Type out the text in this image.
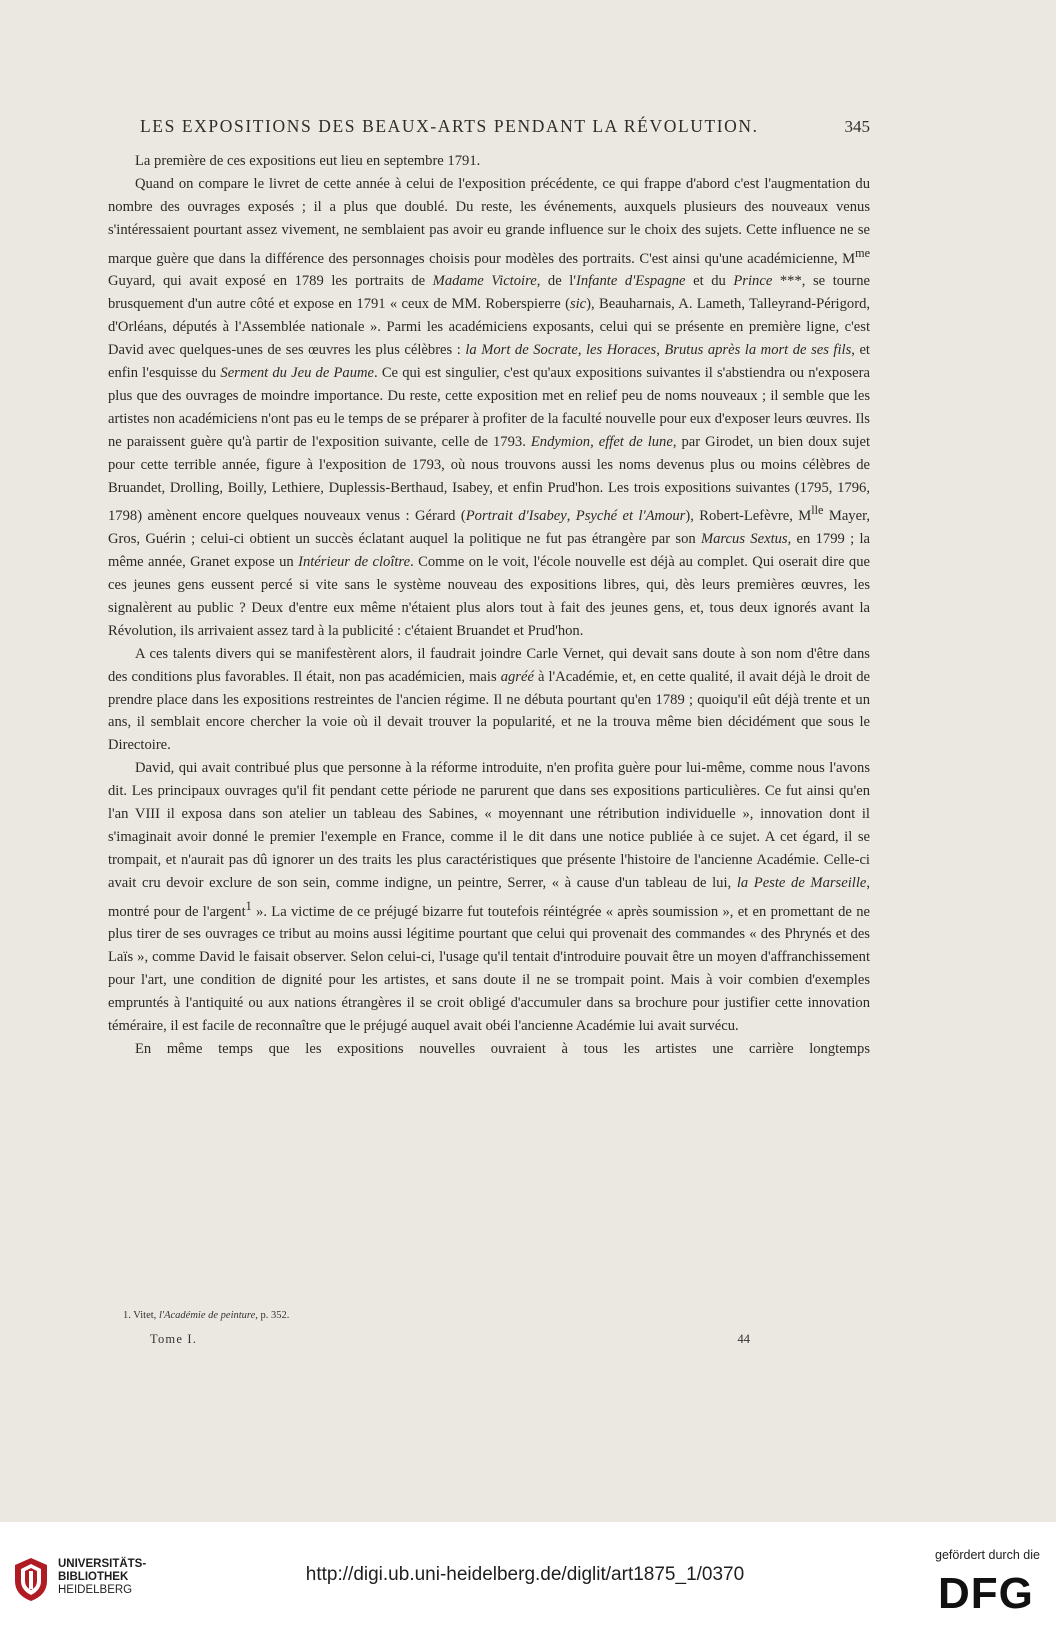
LES EXPOSITIONS DES BEAUX-ARTS PENDANT LA RÉVOLUTION.	345

La première de ces expositions eut lieu en septembre 1791.

Quand on compare le livret de cette année à celui de l'exposition précédente, ce qui frappe d'abord c'est l'augmentation du nombre des ouvrages exposés ; il a plus que doublé. Du reste, les événements, auxquels plusieurs des nouveaux venus s'intéressaient pourtant assez vivement, ne semblaient pas avoir eu grande influence sur le choix des sujets. Cette influence ne se marque guère que dans la différence des personnages choisis pour modèles des portraits. C'est ainsi qu'une académicienne, $M^{me}$ Guyard, qui avait exposé en 1789 les portraits de Madame Victoire, de l'Infante d'Espagne et du Prince ***, se tourne brusquement d'un autre côté et expose en 1791 « ceux de MM. Roberspierre (sic), Beauharnais, A. Lameth, Talleyrand-Périgord, d'Orléans, députés à l'Assemblée nationale ». Parmi les académiciens exposants, celui qui se présente en première ligne, c'est David avec quelques-unes de ses œuvres les plus célèbres : la Mort de Socrate, les Horaces, Brutus après la mort de ses fils, et enfin l'esquisse du Serment du Jeu de Paume. Ce qui est singulier, c'est qu'aux expositions suivantes il s'abstiendra ou n'exposera plus que des ouvrages de moindre importance. Du reste, cette exposition met en relief peu de noms nouveaux ; il semble que les artistes non académiciens n'ont pas eu le temps de se préparer à profiter de la faculté nouvelle pour eux d'exposer leurs œuvres. Ils ne paraissent guère qu'à partir de l'exposition suivante, celle de 1793. Endymion, effet de lune, par Girodet, un bien doux sujet pour cette terrible année, figure à l'exposition de 1793, où nous trouvons aussi les noms devenus plus ou moins célèbres de Bruandet, Drolling, Boilly, Lethiere, Duplessis-Berthaud, Isabey, et enfin Prud'hon. Les trois expositions suivantes (1795, 1796, 1798) amènent encore quelques nouveaux venus : Gérard (Portrait d'Isabey, Psyché et l'Amour), Robert-Lefèvre, $M^{lle}$ Mayer, Gros, Guérin ; celui-ci obtient un succès éclatant auquel la politique ne fut pas étrangère par son Marcus Sextus, en 1799 ; la même année, Granet expose un Intérieur de cloître. Comme on le voit, l'école nouvelle est déjà au complet. Qui oserait dire que ces jeunes gens eussent percé si vite sans le système nouveau des expositions libres, qui, dès leurs premières œuvres, les signalèrent au public ? Deux d'entre eux même n'étaient plus alors tout à fait des jeunes gens, et, tous deux ignorés avant la Révolution, ils arrivaient assez tard à la publicité : c'étaient Bruandet et Prud'hon.

A ces talents divers qui se manifestèrent alors, il faudrait joindre Carle Vernet, qui devait sans doute à son nom d'être dans des conditions plus favorables. Il était, non pas académicien, mais agréé à l'Académie, et, en cette qualité, il avait déjà le droit de prendre place dans les expositions restreintes de l'ancien régime. Il ne débuta pourtant qu'en 1789 ; quoiqu'il eût déjà trente et un ans, il semblait encore chercher la voie où il devait trouver la popularité, et ne la trouva même bien décidément que sous le Directoire.

David, qui avait contribué plus que personne à la réforme introduite, n'en profita guère pour lui-même, comme nous l'avons dit. Les principaux ouvrages qu'il fit pendant cette période ne parurent que dans ses expositions particulières. Ce fut ainsi qu'en l'an VIII il exposa dans son atelier un tableau des Sabines, « moyennant une rétribution individuelle », innovation dont il s'imaginait avoir donné le premier l'exemple en France, comme il le dit dans une notice publiée à ce sujet. A cet égard, il se trompait, et n'aurait pas dû ignorer un des traits les plus caractéristiques que présente l'histoire de l'ancienne Académie. Celle-ci avait cru devoir exclure de son sein, comme indigne, un peintre, Serrer, « à cause d'un tableau de lui, la Peste de Marseille, montré pour de l'argent$^1$ ». La victime de ce préjugé bizarre fut toutefois réintégrée « après soumission », et en promettant de ne plus tirer de ses ouvrages ce tribut au moins aussi légitime pourtant que celui qui provenait des commandes « des Phrynés et des Laïs », comme David le faisait observer. Selon celui-ci, l'usage qu'il tentait d'introduire pouvait être un moyen d'affranchissement pour l'art, une condition de dignité pour les artistes, et sans doute il ne se trompait point. Mais à voir combien d'exemples empruntés à l'antiquité ou aux nations étrangères il se croit obligé d'accumuler dans sa brochure pour justifier cette innovation téméraire, il est facile de reconnaître que le préjugé auquel avait obéi l'ancienne Académie lui avait survécu.

En même temps que les expositions nouvelles ouvraient à tous les artistes une carrière longtemps

1. Vitet, l'Académie de peinture, p. 352.
Tome I.	44
UNIVERSITÄTS-
BIBLIOTHEK
HEIDELBERG
http://digi.ub.uni-heidelberg.de/diglit/art1875_1/0370
gefördert durch die
DFG
